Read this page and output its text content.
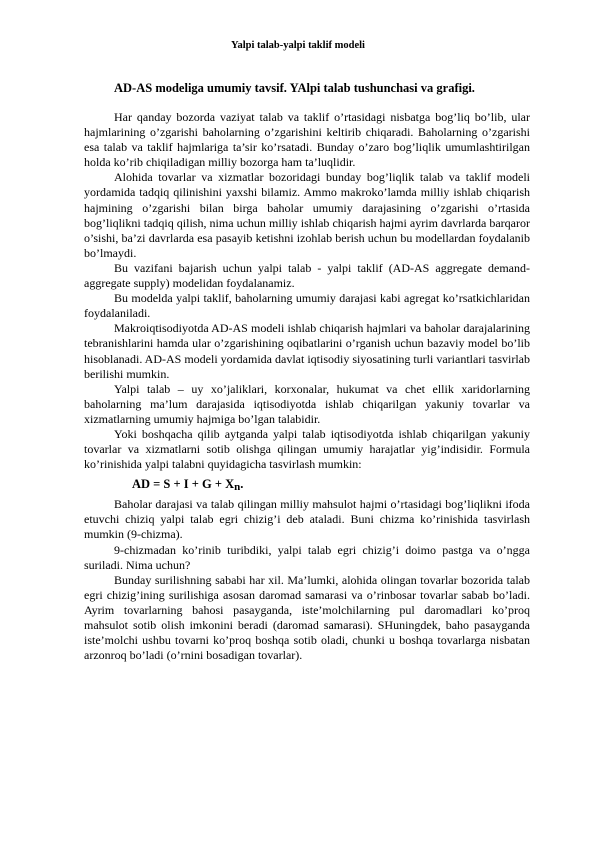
Yalpi talab-yalpi taklif modeli
AD-AS modeliga umumiy tavsif. YAlpi talab tushunchasi va grafigi.

Har qanday bozorda vaziyat talab va taklif o’rtasidagi nisbatga bog’liq bo’lib, ular hajmlarining o’zgarishi baholarning o’zgarishini keltirib chiqaradi. Baholarning o’zgarishi esa talab va taklif hajmlariga ta’sir ko’rsatadi. Bunday o’zaro bog’liqlik umumlashtirilgan holda ko’rib chiqiladigan milliy bozorga ham ta’luqlidir.

Alohida tovarlar va xizmatlar bozoridagi bunday bog’liqlik talab va taklif modeli yordamida tadqiq qilinishini yaxshi bilamiz. Ammo makroko’lamda milliy ishlab chiqarish hajmining o’zgarishi bilan birga baholar umumiy darajasining o’zgarishi o’rtasida bog’liqlikni tadqiq qilish, nima uchun milliy ishlab chiqarish hajmi ayrim davrlarda barqaror o’sishi, ba’zi davrlarda esa pasayib ketishni izohlab berish uchun bu modellardan foydalanib bo’lmaydi.

Bu vazifani bajarish uchun yalpi talab - yalpi taklif (AD-AS aggregate demand- aggregate supply) modelidan foydalanamiz.

Bu modelda yalpi taklif, baholarning umumiy darajasi kabi agregat ko’rsatkichlaridan foydalaniladi.

Makroiqtisodiyotda AD-AS modeli ishlab chiqarish hajmlari va baholar darajalarining tebranishlarini hamda ular o’zgarishining oqibatlarini o’rganish uchun bazaviy model bo’lib hisoblanadi. AD-AS modeli yordamida davlat iqtisodiy siyosatining turli variantlari tasvirlab berilishi mumkin.

Yalpi talab – uy xo’jaliklari, korxonalar, hukumat va chet ellik xaridorlarning baholarning ma’lum darajasida iqtisodiyotda ishlab chiqarilgan yakuniy tovarlar va xizmatlarning umumiy hajmiga bo’lgan talabidir.

Yoki boshqacha qilib aytganda yalpi talab iqtisodiyotda ishlab chiqarilgan yakuniy tovarlar va xizmatlarni sotib olishga qilingan umumiy harajatlar yig’indisidir. Formula ko’rinishida yalpi talabni quyidagicha tasvirlash mumkin:

AD = S + I + G + Xn.

Baholar darajasi va talab qilingan milliy mahsulot hajmi o’rtasidagi bog’liqlikni ifoda etuvchi chiziq yalpi talab egri chizig’i deb ataladi. Buni chizma ko’rinishida tasvirlash mumkin (9-chizma).

9-chizmadan ko’rinib turibdiki, yalpi talab egri chizig’i doimo pastga va o’ngga suriladi. Nima uchun?

Bunday surilishning sababi har xil. Ma’lumki, alohida olingan tovarlar bozorida talab egri chizig’ining surilishiga asosan daromad samarasi va o’rinbosar tovarlar sabab bo’ladi. Ayrim tovarlarning bahosi pasayganda, iste’molchilarning pul daromadlari ko’proq mahsulot sotib olish imkonini beradi (daromad samarasi). SHuningdek, baho pasayganda iste’molchi ushbu tovarni ko’proq boshqa sotib oladi, chunki u boshqa tovarlarga nisbatan arzonroq bo’ladi (o’rnini bosadigan tovarlar).
